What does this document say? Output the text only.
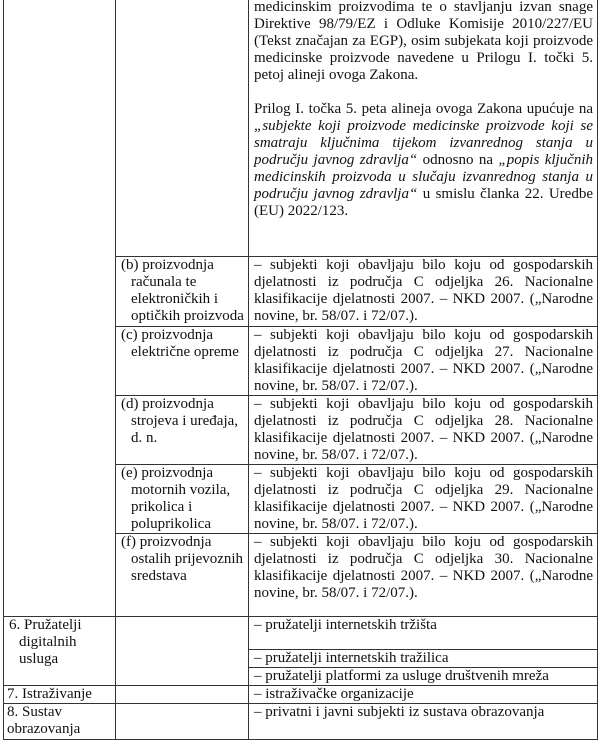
		medicinskim proizvodima te o stavljanju izvan snage Direktive 98/79/EZ i Odluke Komisije 2010/227/EU (Tekst značajan za EGP), osim subjekata koji proizvode medicinske proizvode navedene u Prilogu I. točki 5. petoj alineji ovoga Zakona.
Prilog I. točka 5. peta alineja ovoga Zakona upućuje na „subjekte koji proizvode medicinske proizvode koji se smatraju ključnima tijekom izvanrednog stanja u području javnog zdravlja“ odnosno na „popis ključnih medicinskih proizvoda u slučaju izvanrednog stanja u području javnog zdravlja“ u smislu članka 22. Uredbe (EU) 2022/123.

	(b) proizvodnja računala te elektroničkih i optičkih proizvoda	– subjekti koji obavljaju bilo koju od gospodarskih djelatnosti iz područja C odjeljka 26. Nacionalne klasifikacije djelatnosti 2007. – NKD 2007. („Narodne novine, br. 58/07. i 72/07.).

	(c) proizvodnja električne opreme	– subjekti koji obavljaju bilo koju od gospodarskih djelatnosti iz područja C odjeljka 27. Nacionalne klasifikacije djelatnosti 2007. – NKD 2007. („Narodne novine, br. 58/07. i 72/07.).

	(d) proizvodnja strojeva i uređaja, d. n.	– subjekti koji obavljaju bilo koju od gospodarskih djelatnosti iz područja C odjeljka 28. Nacionalne klasifikacije djelatnosti 2007. – NKD 2007. („Narodne novine, br. 58/07. i 72/07.).

	(e) proizvodnja motornih vozila, prikolica i poluprikolica	– subjekti koji obavljaju bilo koju od gospodarskih djelatnosti iz područja C odjeljka 29. Nacionalne klasifikacije djelatnosti 2007. – NKD 2007. („Narodne novine, br. 58/07. i 72/07.).

	(f) proizvodnja ostalih prijevoznih sredstava	– subjekti koji obavljaju bilo koju od gospodarskih djelatnosti iz područja C odjeljka 30. Nacionalne klasifikacije djelatnosti 2007. – NKD 2007. („Narodne novine, br. 58/07. i 72/07.).

6. Pružatelji digitalnih usluga		– pružatelji internetskih tržišta
		– pružatelji internetskih tražilica
		– pružatelji platformi za usluge društvenih mreža
7. Istraživanje		– istraživačke organizacije
8. Sustav obrazovanja		– privatni i javni subjekti iz sustava obrazovanja
